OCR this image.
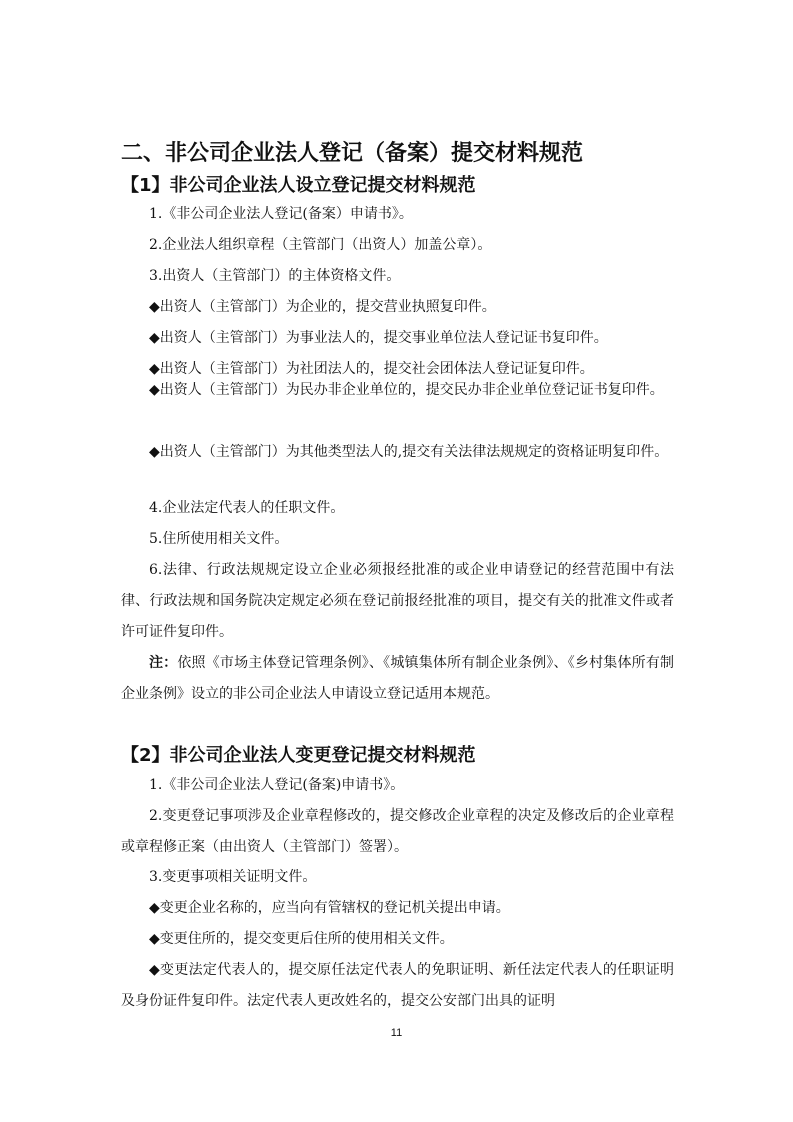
二、非公司企业法人登记（备案）提交材料规范
【1】非公司企业法人设立登记提交材料规范
1.《非公司企业法人登记(备案）申请书》。
2.企业法人组织章程（主管部门（出资人）加盖公章）。
3.出资人（主管部门）的主体资格文件。
◆出资人（主管部门）为企业的，提交营业执照复印件。
◆出资人（主管部门）为事业法人的，提交事业单位法人登记证书复印件。
◆出资人（主管部门）为社团法人的，提交社会团体法人登记证复印件。
◆出资人（主管部门）为民办非企业单位的，提交民办非企业单位登记证书复印件。
◆出资人（主管部门）为其他类型法人的,提交有关法律法规规定的资格证明复印件。
4.企业法定代表人的任职文件。
5.住所使用相关文件。
6.法律、行政法规规定设立企业必须报经批准的或企业申请登记的经营范围中有法律、行政法规和国务院决定规定必须在登记前报经批准的项目，提交有关的批准文件或者许可证件复印件。
注：依照《市场主体登记管理条例》、《城镇集体所有制企业条例》、《乡村集体所有制企业条例》设立的非公司企业法人申请设立登记适用本规范。
【2】非公司企业法人变更登记提交材料规范
1.《非公司企业法人登记(备案)申请书》。
2.变更登记事项涉及企业章程修改的，提交修改企业章程的决定及修改后的企业章程或章程修正案（由出资人（主管部门）签署）。
3.变更事项相关证明文件。
◆变更企业名称的，应当向有管辖权的登记机关提出申请。
◆变更住所的，提交变更后住所的使用相关文件。
◆变更法定代表人的，提交原任法定代表人的免职证明、新任法定代表人的任职证明及身份证件复印件。法定代表人更改姓名的，提交公安部门出具的证明
11
